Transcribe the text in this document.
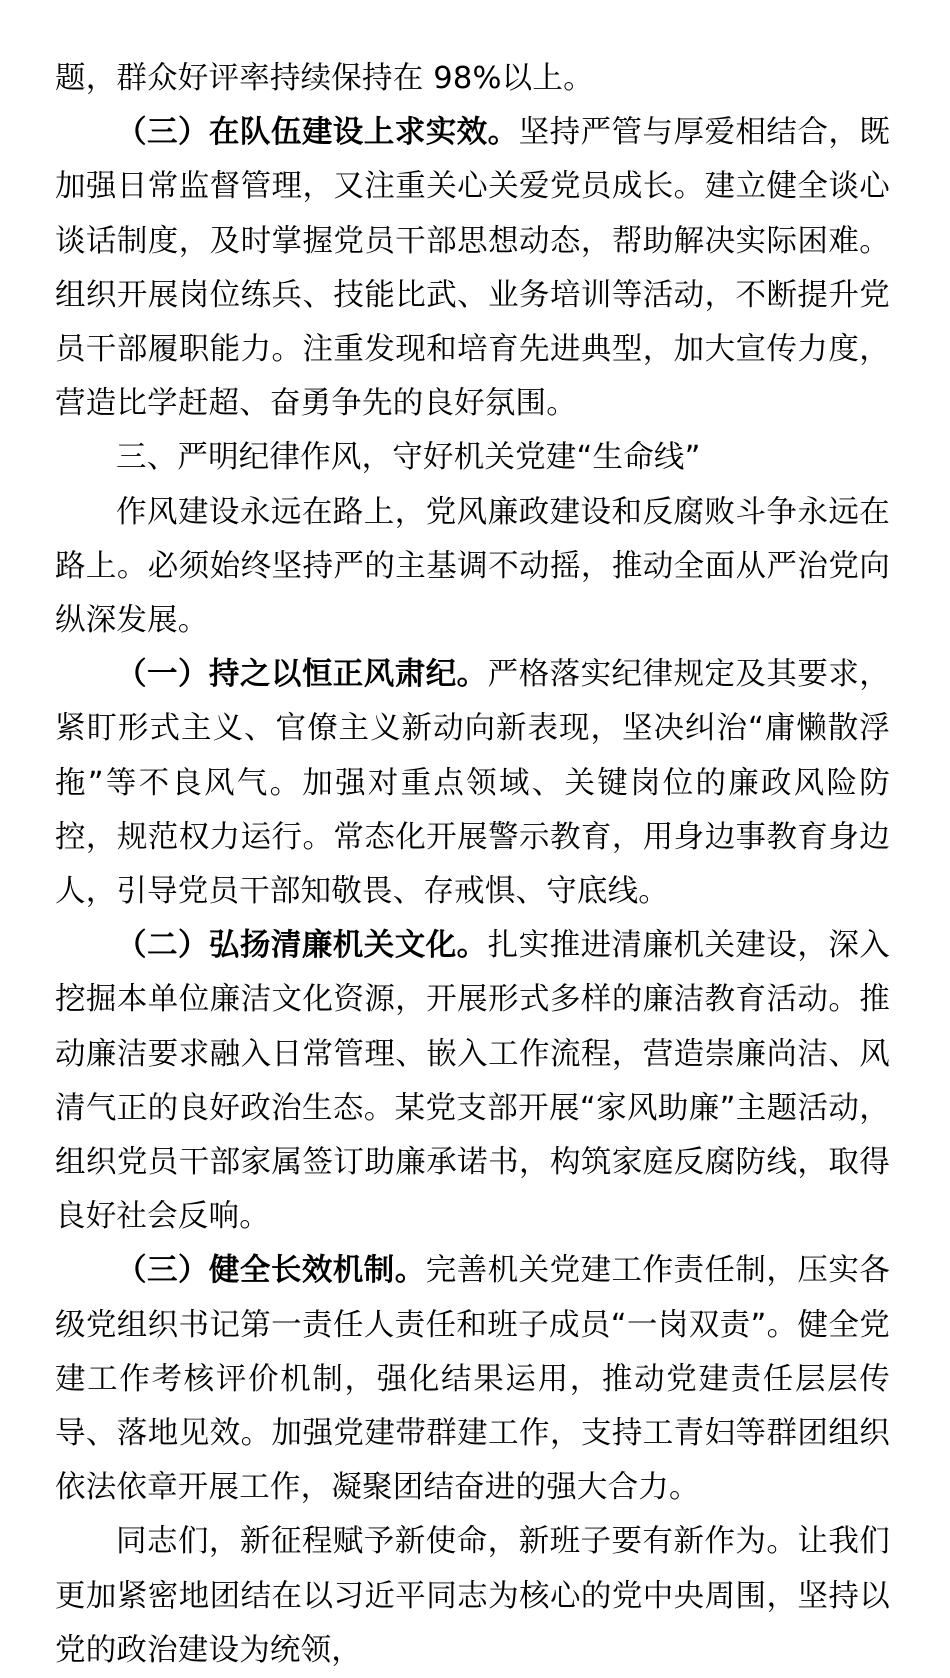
题，群众好评率持续保持在 98%以上。

（三）在队伍建设上求实效。坚持严管与厚爱相结合，既加强日常监督管理，又注重关心关爱党员成长。建立健全谈心谈话制度，及时掌握党员干部思想动态，帮助解决实际困难。组织开展岗位练兵、技能比武、业务培训等活动，不断提升党员干部履职能力。注重发现和培育先进典型，加大宣传力度，营造比学赶超、奋勇争先的良好氛围。

三、严明纪律作风，守好机关党建“生命线”

作风建设永远在路上，党风廉政建设和反腐败斗争永远在路上。必须始终坚持严的主基调不动摇，推动全面从严治党向纵深发展。

（一）持之以恒正风肃纪。严格落实纪律规定及其要求，紧盯形式主义、官僚主义新动向新表现，坚决纠治“庸懒散浮拖”等不良风气。加强对重点领域、关键岗位的廉政风险防控，规范权力运行。常态化开展警示教育，用身边事教育身边人，引导党员干部知敬畏、存戒惧、守底线。

（二）弘扬清廉机关文化。扎实推进清廉机关建设，深入挖掘本单位廉洁文化资源，开展形式多样的廉洁教育活动。推动廉洁要求融入日常管理、嵌入工作流程，营造崇廉尚洁、风清气正的良好政治生态。某党支部开展“家风助廉”主题活动，组织党员干部家属签订助廉承诺书，构筑家庭反腐防线，取得良好社会反响。

（三）健全长效机制。完善机关党建工作责任制，压实各级党组织书记第一责任人责任和班子成员“一岗双责”。健全党建工作考核评价机制，强化结果运用，推动党建责任层层传导、落地见效。加强党建带群建工作，支持工青妇等群团组织依法依章开展工作，凝聚团结奋进的强大合力。

同志们，新征程赋予新使命，新班子要有新作为。让我们更加紧密地团结在以习近平同志为核心的党中央周围，坚持以党的政治建设为统领，
